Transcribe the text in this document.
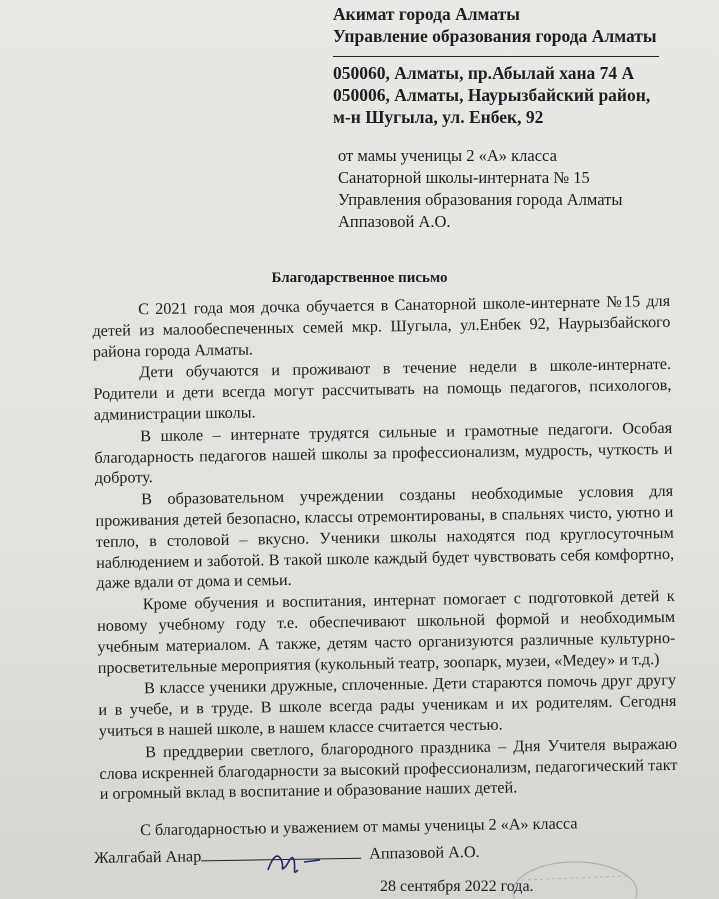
Акимат города Алматы
Управление образования города Алматы
050060, Алматы, пр.Абылай хана 74 А
050006, Алматы, Наурызбайский район,
м-н Шугыла, ул. Енбек, 92
от мамы ученицы 2 «А» класса
Санаторной школы-интерната № 15
Управления образования города Алматы
Аппазовой А.О.
Благодарственное письмо

С 2021 года моя дочка обучается в Санаторной школе-интернате №15 для детей из малообеспеченных семей мкр. Шугыла, ул.Енбек 92, Наурызбайского района города Алматы.

Дети обучаются и проживают в течение недели в школе-интернате. Родители и дети всегда могут рассчитывать на помощь педагогов, психологов, администрации школы.

В школе – интернате трудятся сильные и грамотные педагоги. Особая благодарность педагогов нашей школы за профессионализм, мудрость, чуткость и доброту.

В образовательном учреждении созданы необходимые условия для проживания детей безопасно, классы отремонтированы, в спальнях чисто, уютно и тепло, в столовой – вкусно. Ученики школы находятся под круглосуточным наблюдением и заботой. В такой школе каждый будет чувствовать себя комфортно, даже вдали от дома и семьи.

Кроме обучения и воспитания, интернат помогает с подготовкой детей к новому учебному году т.е. обеспечивают школьной формой и необходимым учебным материалом. А также, детям часто организуются различные культурно-просветительные мероприятия (кукольный театр, зоопарк, музеи, «Медеу» и т.д.)

В классе ученики дружные, сплоченные. Дети стараются помочь друг другу и в учебе, и в труде. В школе всегда рады ученикам и их родителям. Сегодня учиться в нашей школе, в нашем классе считается честью.

В преддверии светлого, благородного праздника – Дня Учителя выражаю слова искренней благодарности за высокий профессионализм, педагогический такт и огромный вклад в воспитание и образование наших детей.

С благодарностью и уважением от мамы ученицы 2 «А» класса
Жалгабай Анар	Аппазовой А.О.
28 сентября 2022 года.
